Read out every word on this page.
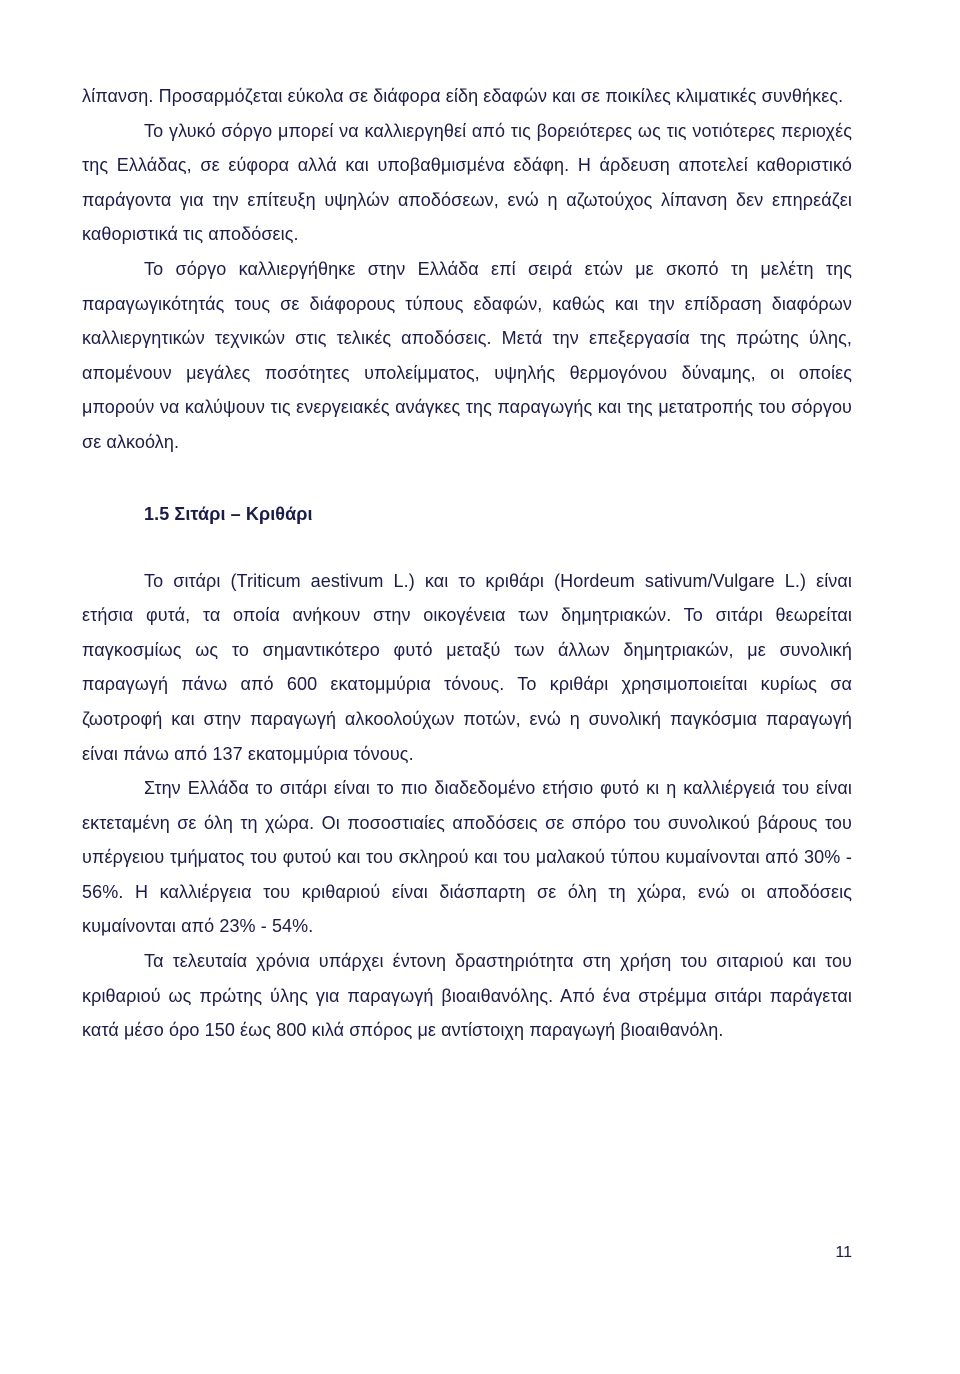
λίπανση. Προσαρμόζεται εύκολα σε διάφορα είδη εδαφών και σε ποικίλες κλιματικές συνθήκες.

Το γλυκό σόργο μπορεί να καλλιεργηθεί από τις βορειότερες ως τις νοτιότερες περιοχές της Ελλάδας, σε εύφορα αλλά και υποβαθμισμένα εδάφη. Η άρδευση αποτελεί καθοριστικό παράγοντα για την επίτευξη υψηλών αποδόσεων, ενώ η αζωτούχος λίπανση δεν επηρεάζει καθοριστικά τις αποδόσεις.

Το σόργο καλλιεργήθηκε στην Ελλάδα επί σειρά ετών με σκοπό τη μελέτη της παραγωγικότητάς τους σε διάφορους τύπους εδαφών, καθώς και την επίδραση διαφόρων καλλιεργητικών τεχνικών στις τελικές αποδόσεις. Μετά την επεξεργασία της πρώτης ύλης, απομένουν μεγάλες ποσότητες υπολείμματος, υψηλής θερμογόνου δύναμης, οι οποίες μπορούν να καλύψουν τις ενεργειακές ανάγκες της παραγωγής και της μετατροπής του σόργου σε αλκοόλη.

1.5 Σιτάρι – Κριθάρι

Το σιτάρι (Triticum aestivum L.) και το κριθάρι (Hordeum sativum/Vulgare L.) είναι ετήσια φυτά, τα οποία ανήκουν στην οικογένεια των δημητριακών. Το σιτάρι θεωρείται παγκοσμίως ως το σημαντικότερο φυτό μεταξύ των άλλων δημητριακών, με συνολική παραγωγή πάνω από 600 εκατομμύρια τόνους. Το κριθάρι χρησιμοποιείται κυρίως σα ζωοτροφή και στην παραγωγή αλκοολούχων ποτών, ενώ η συνολική παγκόσμια παραγωγή είναι πάνω από 137 εκατομμύρια τόνους.

Στην Ελλάδα το σιτάρι είναι το πιο διαδεδομένο ετήσιο φυτό κι η καλλιέργειά του είναι εκτεταμένη σε όλη τη χώρα. Οι ποσοστιαίες αποδόσεις σε σπόρο του συνολικού βάρους του υπέργειου τμήματος του φυτού και του σκληρού και του μαλακού τύπου κυμαίνονται από 30% - 56%. Η καλλιέργεια του κριθαριού είναι διάσπαρτη σε όλη τη χώρα, ενώ οι αποδόσεις κυμαίνονται από 23% - 54%.

Τα τελευταία χρόνια υπάρχει έντονη δραστηριότητα στη χρήση του σιταριού και του κριθαριού ως πρώτης ύλης για παραγωγή βιοαιθανόλης. Από ένα στρέμμα σιτάρι παράγεται κατά μέσο όρο 150 έως 800 κιλά σπόρος με αντίστοιχη παραγωγή βιοαιθανόλη.

11
